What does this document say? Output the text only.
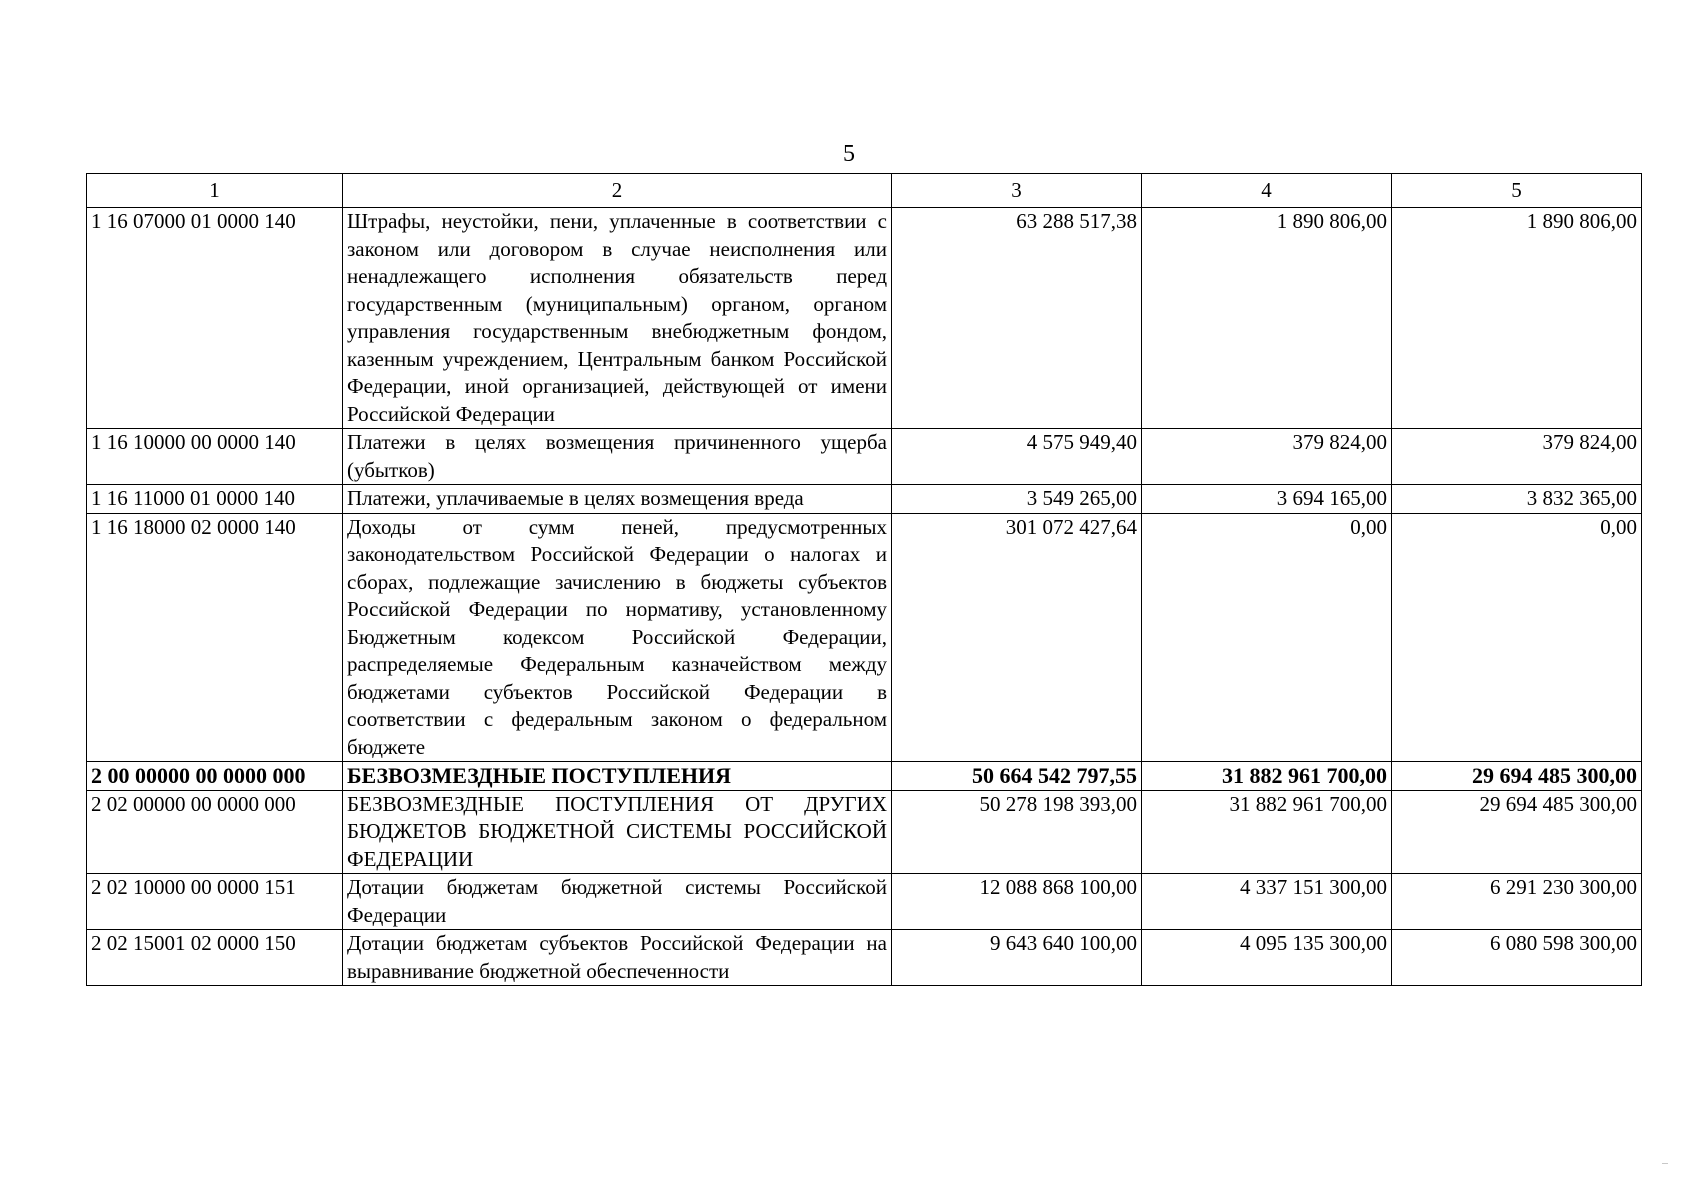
5
1	2	3	4	5
1 16 07000 01 0000 140	Штрафы, неустойки, пени, уплаченные в соответствии с законом или договором в случае неисполнения или ненадлежащего исполнения обязательств перед государственным (муниципальным) органом, органом управления государственным внебюджетным фондом, казенным учреждением, Центральным банком Российской Федерации, иной организацией, действующей от имени Российской Федерации	63 288 517,38	1 890 806,00	1 890 806,00
1 16 10000 00 0000 140	Платежи в целях возмещения причиненного ущерба (убытков)	4 575 949,40	379 824,00	379 824,00
1 16 11000 01 0000 140	Платежи, уплачиваемые в целях возмещения вреда	3 549 265,00	3 694 165,00	3 832 365,00
1 16 18000 02 0000 140	Доходы от сумм пеней, предусмотренных законодательством Российской Федерации о налогах и сборах, подлежащие зачислению в бюджеты субъектов Российской Федерации по нормативу, установленному Бюджетным кодексом Российской Федерации, распределяемые Федеральным казначейством между бюджетами субъектов Российской Федерации в соответствии с федеральным законом о федеральном бюджете	301 072 427,64	0,00	0,00
2 00 00000 00 0000 000	БЕЗВОЗМЕЗДНЫЕ ПОСТУПЛЕНИЯ	50 664 542 797,55	31 882 961 700,00	29 694 485 300,00
2 02 00000 00 0000 000	БЕЗВОЗМЕЗДНЫЕ ПОСТУПЛЕНИЯ ОТ ДРУГИХ БЮДЖЕТОВ БЮДЖЕТНОЙ СИСТЕМЫ РОССИЙСКОЙ ФЕДЕРАЦИИ	50 278 198 393,00	31 882 961 700,00	29 694 485 300,00
2 02 10000 00 0000 151	Дотации бюджетам бюджетной системы Российской Федерации	12 088 868 100,00	4 337 151 300,00	6 291 230 300,00
2 02 15001 02 0000 150	Дотации бюджетам субъектов Российской Федерации на выравнивание бюджетной обеспеченности	9 643 640 100,00	4 095 135 300,00	6 080 598 300,00
